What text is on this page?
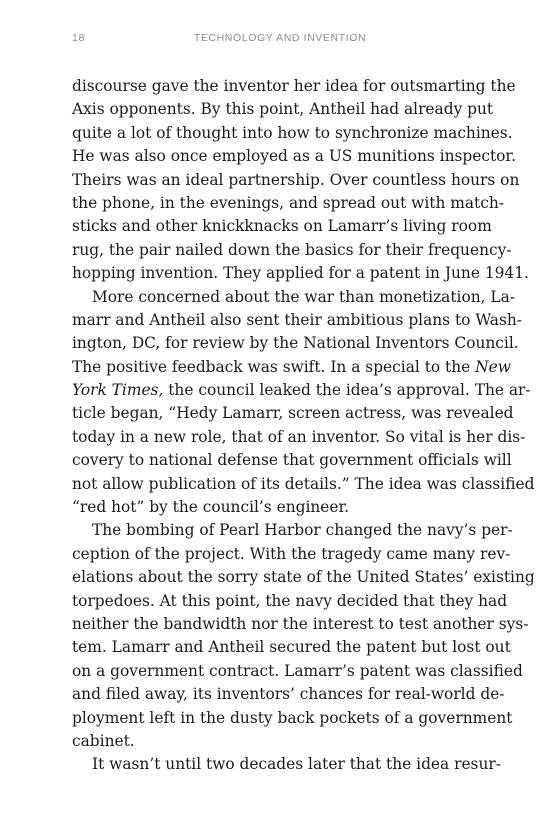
18	TECHNOLOGY AND INVENTION
discourse gave the inventor her idea for outsmarting the
Axis opponents. By this point, Antheil had already put
quite a lot of thought into how to synchronize machines.
He was also once employed as a US munitions inspector.
Theirs was an ideal partnership. Over countless hours on
the phone, in the evenings, and spread out with match-
sticks and other knickknacks on Lamarr’s living room
rug, the pair nailed down the basics for their frequency-
hopping invention. They applied for a patent in June 1941.
More concerned about the war than monetization, La-
marr and Antheil also sent their ambitious plans to Wash-
ington, DC, for review by the National Inventors Council.
The positive feedback was swift. In a special to the New
York Times, the council leaked the idea’s approval. The ar-
ticle began, “Hedy Lamarr, screen actress, was revealed
today in a new role, that of an inventor. So vital is her dis-
covery to national defense that government officials will
not allow publication of its details.” The idea was classified
“red hot” by the council’s engineer.
The bombing of Pearl Harbor changed the navy’s per-
ception of the project. With the tragedy came many rev-
elations about the sorry state of the United States’ existing
torpedoes. At this point, the navy decided that they had
neither the bandwidth nor the interest to test another sys-
tem. Lamarr and Antheil secured the patent but lost out
on a government contract. Lamarr’s patent was classified
and filed away, its inventors’ chances for real-world de-
ployment left in the dusty back pockets of a government
cabinet.
It wasn’t until two decades later that the idea resur-
